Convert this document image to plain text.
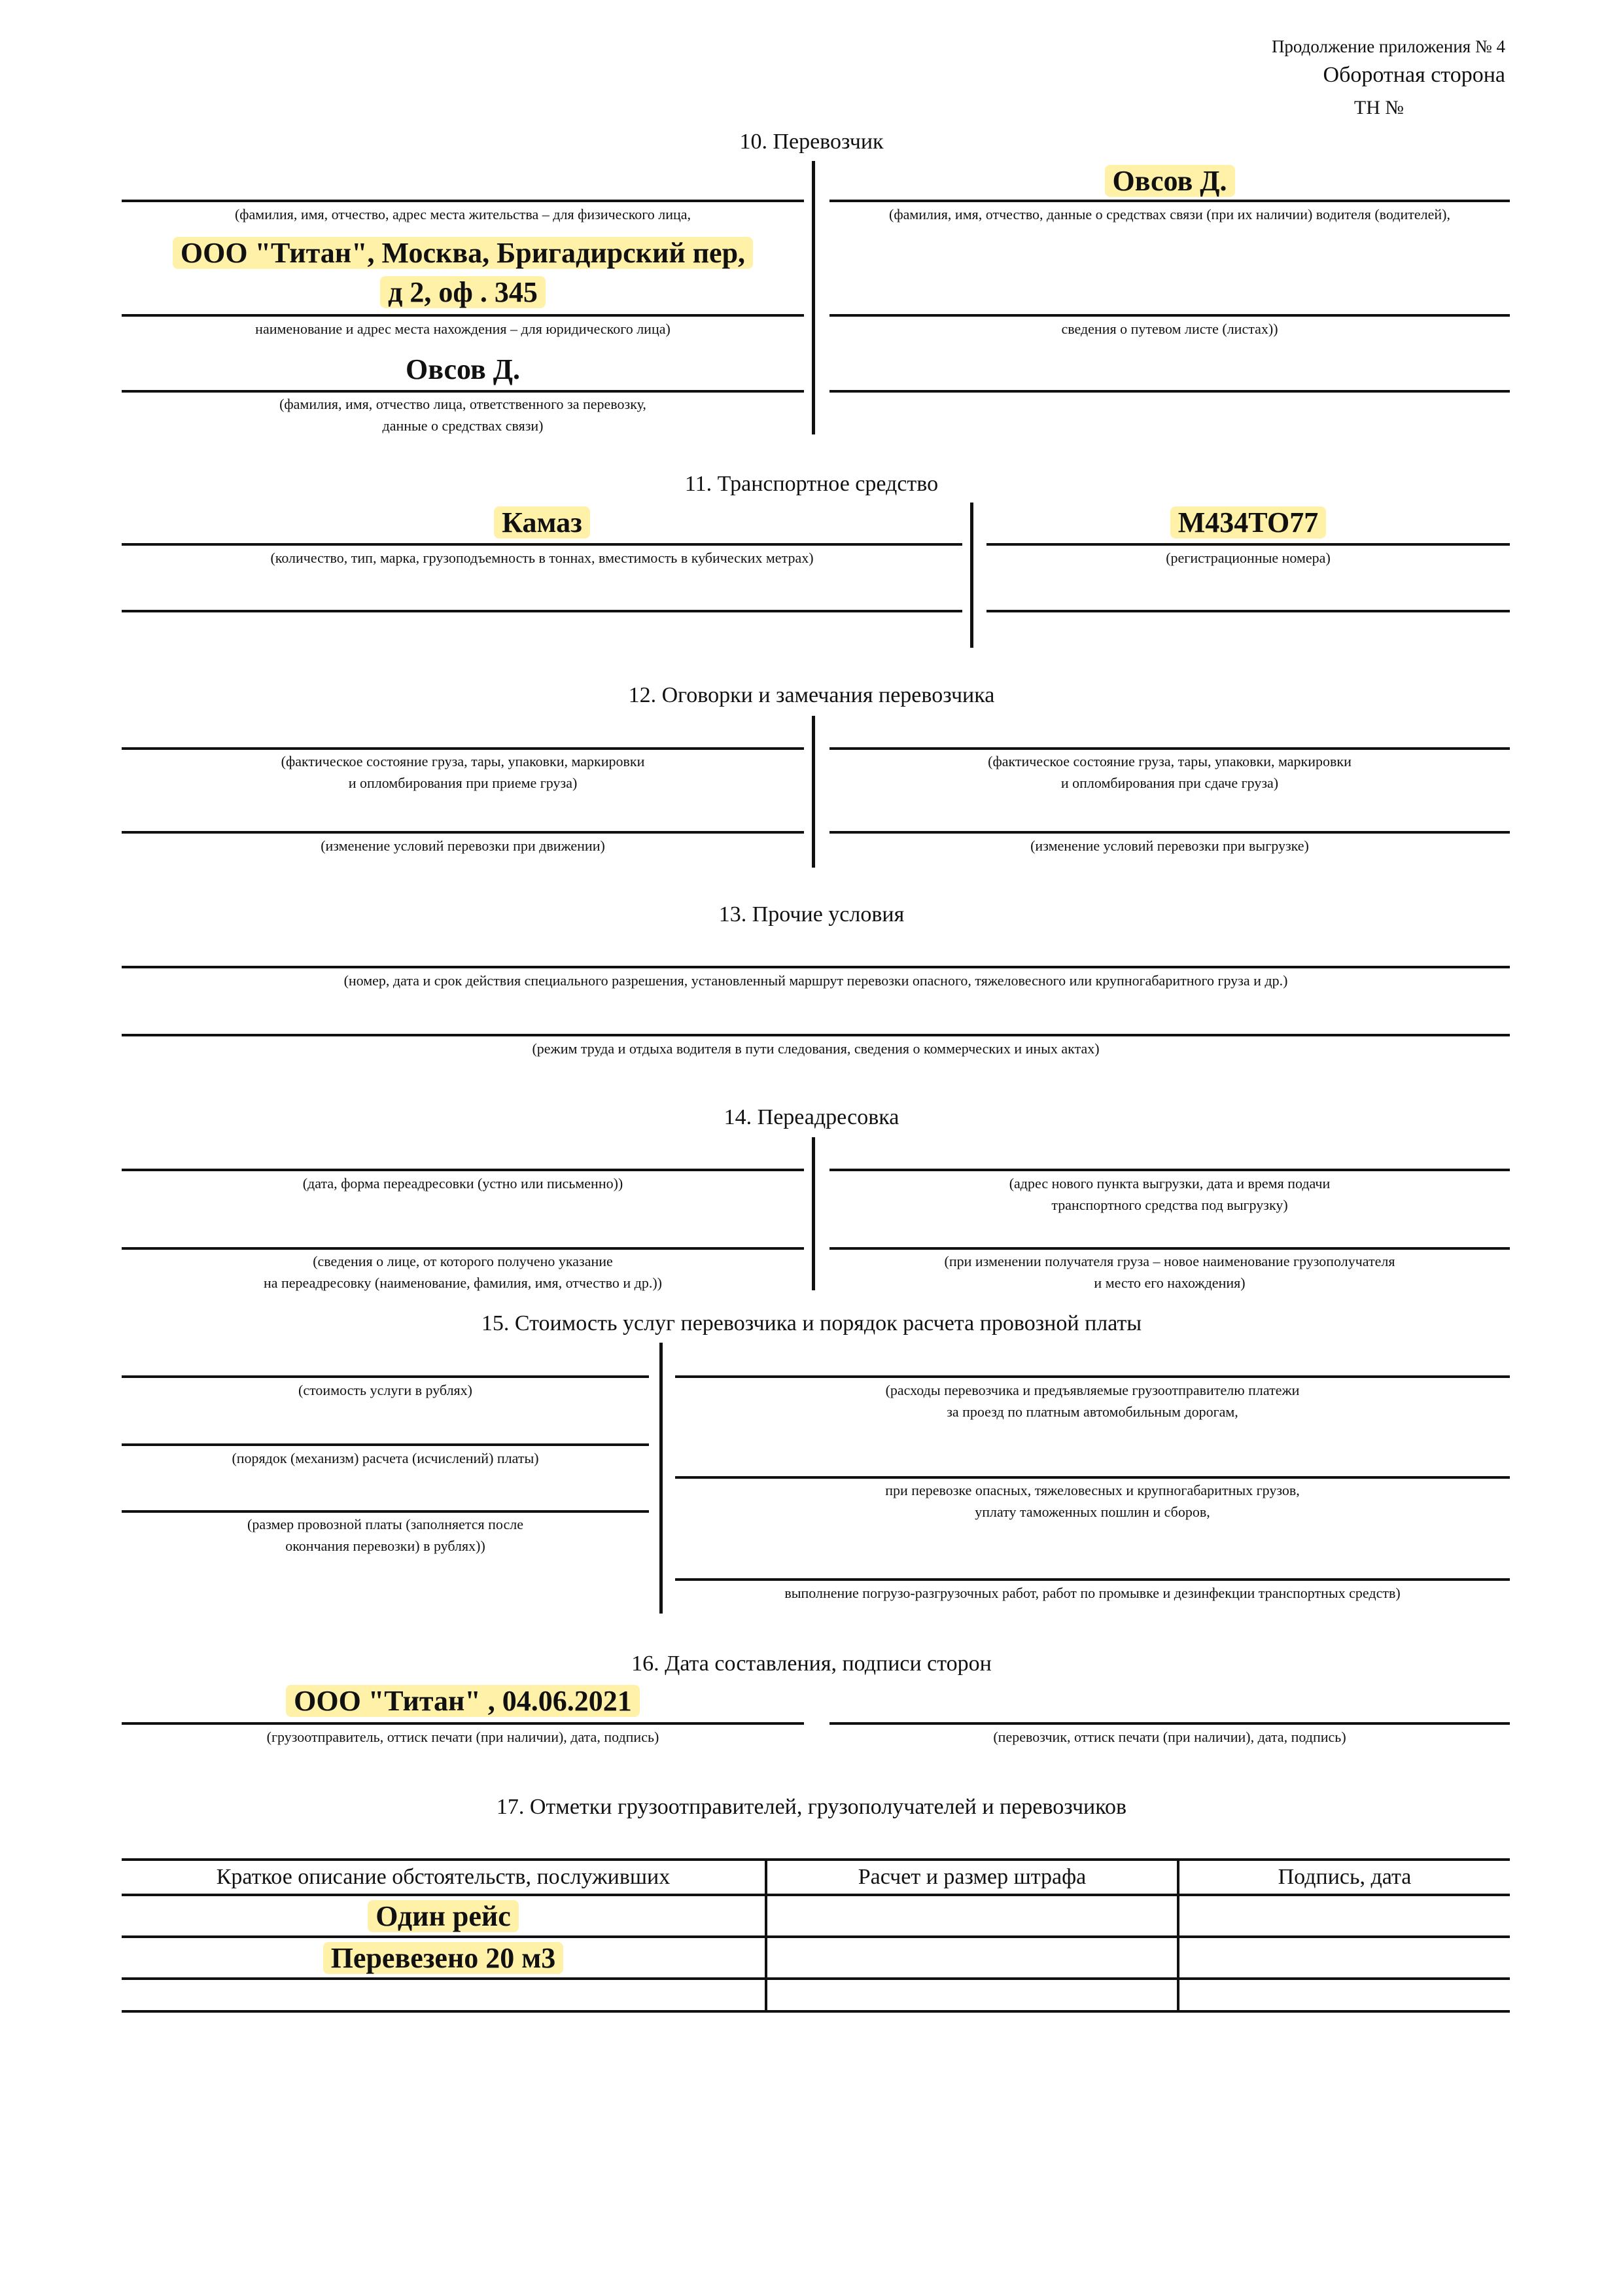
Продолжение приложения № 4
Оборотная сторона
ТН №
10. Перевозчик
(фамилия, имя, отчество, адрес места жительства – для физического лица,
ООО "Титан", Москва, Бригадирский пер,
д 2, оф . 345
наименование и адрес места нахождения – для юридического лица)
Овсов Д.
(фамилия, имя, отчество лица, ответственного за перевозку,
данные о средствах связи)
Овсов Д.
(фамилия, имя, отчество, данные о средствах связи (при их наличии) водителя (водителей),
сведения о путевом листе (листах))
11. Транспортное средство
Камаз
(количество, тип, марка, грузоподъемность в тоннах, вместимость в кубических метрах)
М434ТО77
(регистрационные номера)
12. Оговорки и замечания перевозчика
(фактическое состояние груза, тары, упаковки, маркировки
и опломбирования при приеме груза)
(изменение условий перевозки при движении)
(фактическое состояние груза, тары, упаковки, маркировки
и опломбирования при сдаче груза)
(изменение условий перевозки при выгрузке)
13. Прочие условия
(номер, дата и срок действия специального разрешения, установленный маршрут перевозки опасного, тяжеловесного или крупногабаритного груза и др.)
(режим труда и отдыха водителя в пути следования, сведения о коммерческих и иных актах)
14. Переадресовка
(дата, форма переадресовки (устно или письменно))
(сведения о лице, от которого получено указание
на переадресовку (наименование, фамилия, имя, отчество и др.))
(адрес нового пункта выгрузки, дата и время подачи
транспортного средства под выгрузку)
(при изменении получателя груза – новое наименование грузополучателя
и место его нахождения)
15. Стоимость услуг перевозчика и порядок расчета провозной платы
(стоимость услуги в рублях)
(порядок (механизм) расчета (исчислений) платы)
(размер провозной платы (заполняется после
окончания перевозки) в рублях))
(расходы перевозчика и предъявляемые грузоотправителю платежи
за проезд по платным автомобильным дорогам,
при перевозке опасных, тяжеловесных и крупногабаритных грузов,
уплату таможенных пошлин и сборов,
выполнение погрузо-разгрузочных работ, работ по промывке и дезинфекции транспортных средств)
16. Дата составления, подписи сторон
ООО "Титан" , 04.06.2021
(грузоотправитель, оттиск печати (при наличии), дата, подпись)	(перевозчик, оттиск печати (при наличии), дата, подпись)
17. Отметки грузоотправителей, грузополучателей и перевозчиков
Краткое описание обстоятельств, послуживших	Расчет и размер штрафа	Подпись, дата
Один рейс		
Перевезено 20 м3		
